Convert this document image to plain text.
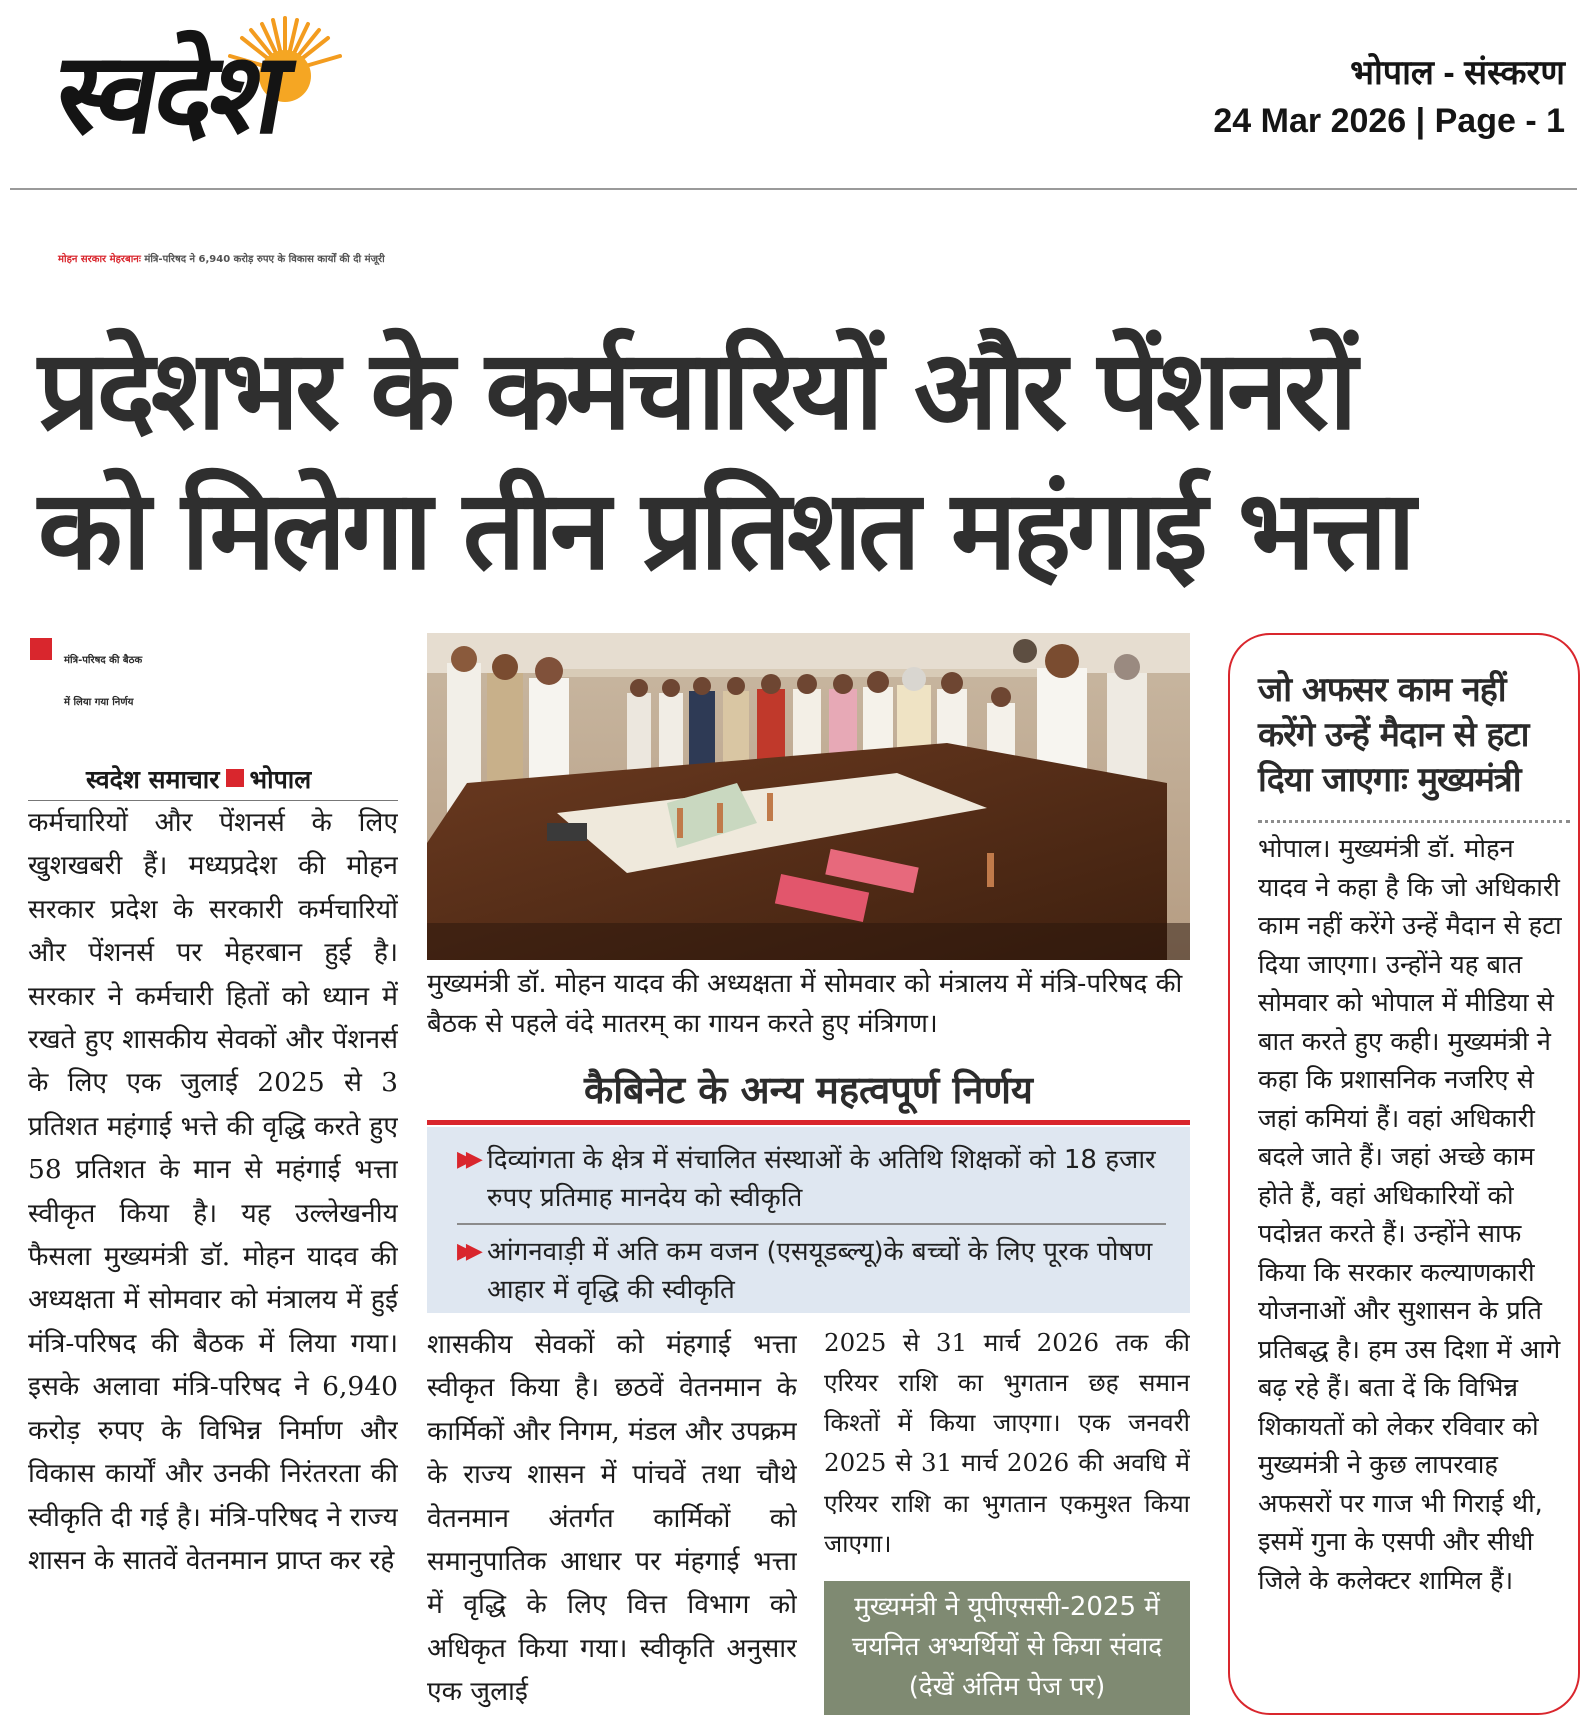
स्वदेश	भोपाल - संस्करण
24 Mar 2026 | Page - 1
मोहन सरकार मेहरबानः मंत्रि-परिषद ने 6,940 करोड़ रुपए के विकास कार्यों की दी मंजूरी
प्रदेशभर के कर्मचारियों और पेंशनरों
को मिलेगा तीन प्रतिशत महंगाई भत्ता
मंत्रि-परिषद की बैठक
में लिया गया निर्णय
स्वदेश समाचार भोपाल
कर्मचारियों और पेंशनर्स के लिए खुशखबरी हैं। मध्यप्रदेश की मोहन सरकार प्रदेश के सरकारी कर्मचारियों और पेंशनर्स पर मेहरबान हुई है। सरकार ने कर्मचारी हितों को ध्यान में रखते हुए शासकीय सेवकों और पेंशनर्स के लिए एक जुलाई 2025 से 3 प्रतिशत महंगाई भत्ते की वृद्धि करते हुए 58 प्रतिशत के मान से महंगाई भत्ता स्वीकृत किया है। यह उल्लेखनीय फैसला मुख्यमंत्री डॉ. मोहन यादव की अध्यक्षता में सोमवार को मंत्रालय में हुई मंत्रि-परिषद की बैठक में लिया गया। इसके अलावा मंत्रि-परिषद ने 6,940 करोड़ रुपए के विभिन्न निर्माण और विकास कार्यों और उनकी निरंतरता की स्वीकृति दी गई है। मंत्रि-परिषद ने राज्य शासन के सातवें वेतनमान प्राप्त कर रहे
मुख्यमंत्री डॉ. मोहन यादव की अध्यक्षता में सोमवार को मंत्रालय में मंत्रि-परिषद की बैठक से पहले वंदे मातरम् का गायन करते हुए मंत्रिगण।
कैबिनेट के अन्य महत्वपूर्ण निर्णय
▶▶ दिव्यांगता के क्षेत्र में संचालित संस्थाओं के अतिथि शिक्षकों को 18 हजार रुपए प्रतिमाह मानदेय को स्वीकृति
▶▶ आंगनवाड़ी में अति कम वजन (एसयूडब्ल्यू)के बच्चों के लिए पूरक पोषण आहार में वृद्धि की स्वीकृति
शासकीय सेवकों को मंहगाई भत्ता स्वीकृत किया है। छठवें वेतनमान के कार्मिकों और निगम, मंडल और उपक्रम के राज्य शासन में पांचवें तथा चौथे वेतनमान अंतर्गत कार्मिकों को समानुपातिक आधार पर मंहगाई भत्ता में वृद्धि के लिए वित्त विभाग को अधिकृत किया गया। स्वीकृति अनुसार एक जुलाई
2025 से 31 मार्च 2026 तक की एरियर राशि का भुगतान छह समान किश्तों में किया जाएगा। एक जनवरी 2025 से 31 मार्च 2026 की अवधि में एरियर राशि का भुगतान एकमुश्त किया जाएगा।
मुख्यमंत्री ने यूपीएससी-2025 में
चयनित अभ्यर्थियों से किया संवाद
(देखें अंतिम पेज पर)
जो अफसर काम नहीं
करेंगे उन्हें मैदान से हटा
दिया जाएगाः मुख्यमंत्री
भोपाल। मुख्यमंत्री डॉ. मोहन यादव ने कहा है कि जो अधिकारी काम नहीं करेंगे उन्हें मैदान से हटा दिया जाएगा। उन्होंने यह बात सोमवार को भोपाल में मीडिया से बात करते हुए कही। मुख्यमंत्री ने कहा कि प्रशासनिक नजरिए से जहां कमियां हैं। वहां अधिकारी बदले जाते हैं। जहां अच्छे काम होते हैं, वहां अधिकारियों को पदोन्नत करते हैं। उन्होंने साफ किया कि सरकार कल्याणकारी योजनाओं और सुशासन के प्रति प्रतिबद्ध है। हम उस दिशा में आगे बढ़ रहे हैं। बता दें कि विभिन्न शिकायतों को लेकर रविवार को मुख्यमंत्री ने कुछ लापरवाह अफसरों पर गाज भी गिराई थी, इसमें गुना के एसपी और सीधी जिले के कलेक्टर शामिल हैं।
